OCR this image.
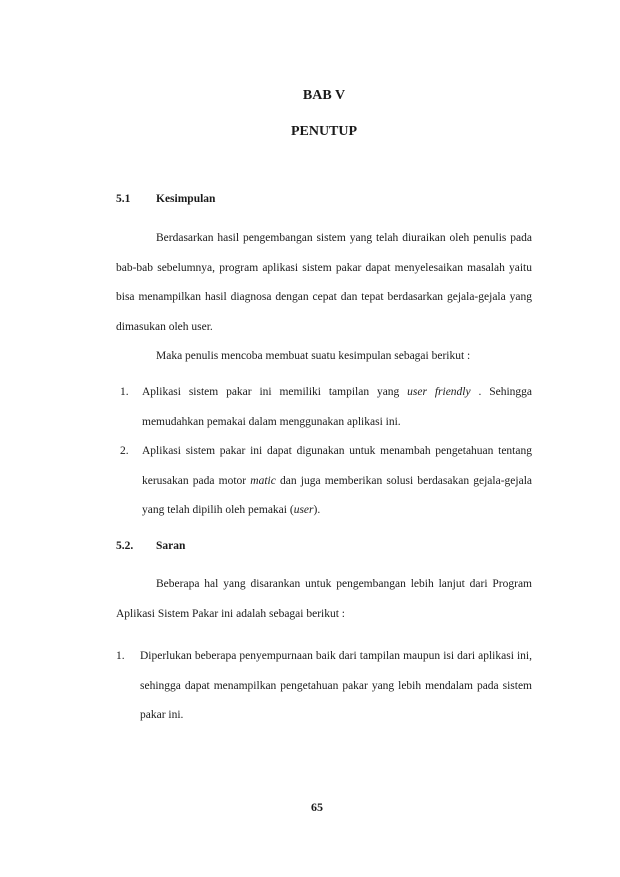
BAB V
PENUTUP
5.1 Kesimpulan

Berdasarkan hasil pengembangan sistem yang telah diuraikan oleh penulis pada bab-bab sebelumnya, program aplikasi sistem pakar dapat menyelesaikan masalah yaitu bisa menampilkan hasil diagnosa dengan cepat dan tepat berdasarkan gejala-gejala yang dimasukan oleh user.

Maka penulis mencoba membuat suatu kesimpulan sebagai berikut :

1. Aplikasi sistem pakar ini memiliki tampilan yang user friendly . Sehingga memudahkan pemakai dalam menggunakan aplikasi ini.
2. Aplikasi sistem pakar ini dapat digunakan untuk menambah pengetahuan tentang kerusakan pada motor matic dan juga memberikan solusi berdasakan gejala-gejala yang telah dipilih oleh pemakai (user).
5.2. Saran

Beberapa hal yang disarankan untuk pengembangan lebih lanjut dari Program Aplikasi Sistem Pakar ini adalah sebagai berikut :

1. Diperlukan beberapa penyempurnaan baik dari tampilan maupun isi dari aplikasi ini, sehingga dapat menampilkan pengetahuan pakar yang lebih mendalam pada sistem pakar ini.

65
